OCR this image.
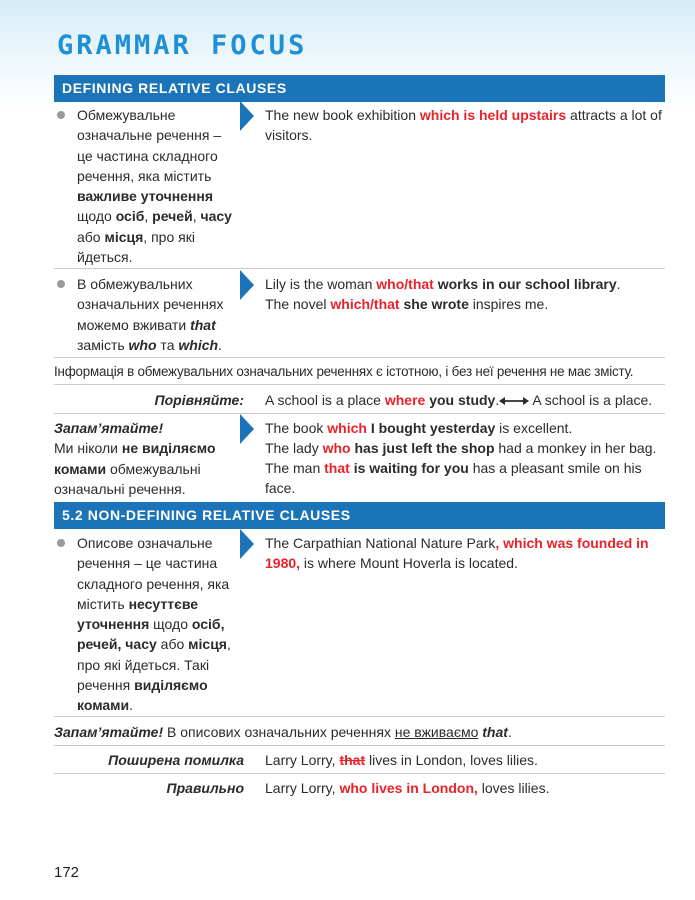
GRAMMAR FOCUS
DEFINING RELATIVE CLAUSES
Обмежувальне означальне речення – це частина складного речення, яка містить важливе уточнення щодо осіб, речей, часу або місця, про які йдеться.
The new book exhibition which is held upstairs attracts a lot of visitors.
В обмежувальних означальних реченнях можемо вживати that замість who та which.
Lily is the woman who/that works in our school library.
The novel which/that she wrote inspires me.
Інформація в обмежувальних означальних реченнях є істотною, і без неї речення не має змісту.
Порівняйте: A school is a place where you study. A school is a place.
Запам’ятайте!
Ми ніколи не виділяємо комами обмежувальні означальні речення.
The book which I bought yesterday is excellent.
The lady who has just left the shop had a monkey in her bag.
The man that is waiting for you has a pleasant smile on his face.
5.2 NON-DEFINING RELATIVE CLAUSES
Описове означальне речення – це частина складного речення, яка містить несуттєве уточнення щодо осіб, речей, часу або місця, про які йдеться. Такі речення виділяємо комами.
The Carpathian National Nature Park, which was founded in 1980, is where Mount Hoverla is located.
Запам’ятайте! В описових означальних реченнях не вживаємо that.
Поширена помилка Larry Lorry, that lives in London, loves lilies.
Правильно Larry Lorry, who lives in London, loves lilies.
172
